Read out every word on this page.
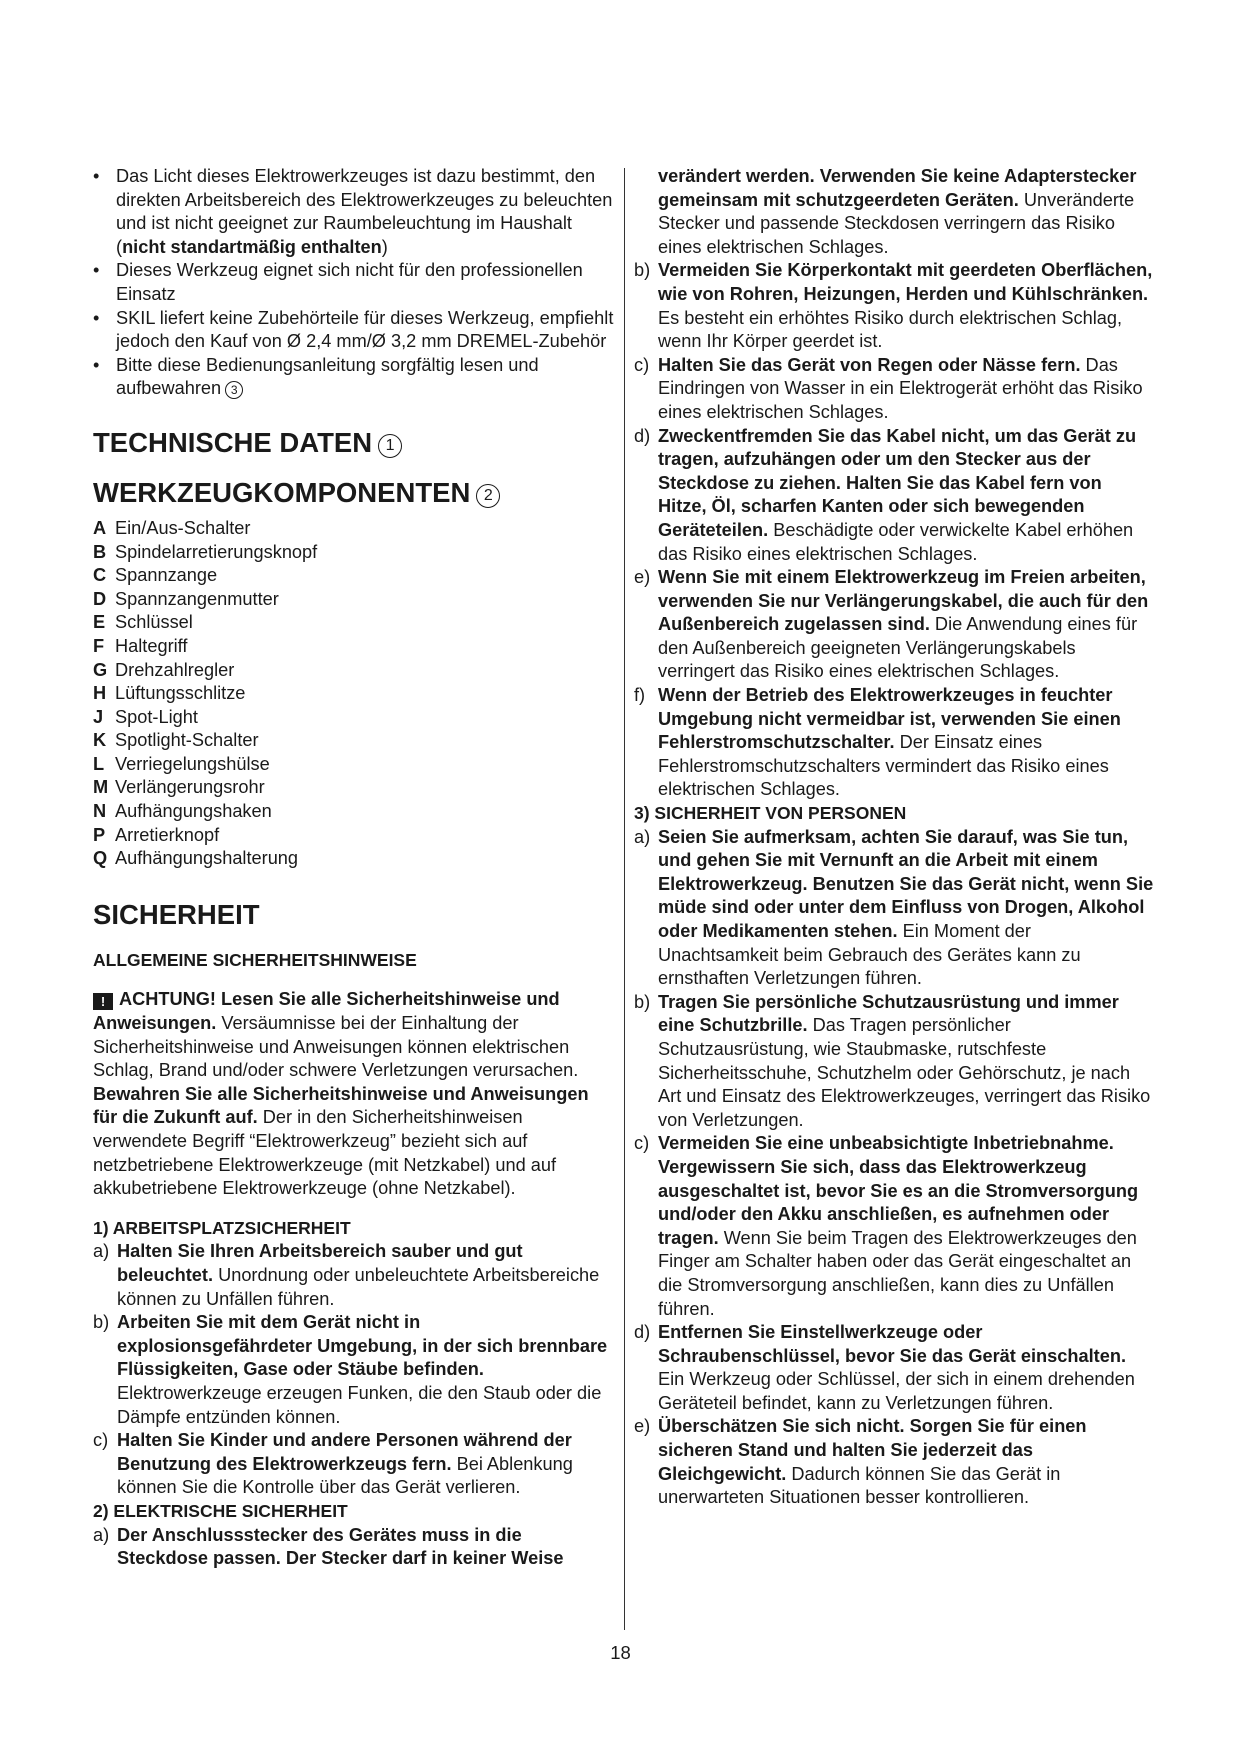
• Das Licht dieses Elektrowerkzeuges ist dazu bestimmt, den direkten Arbeitsbereich des Elektrowerkzeuges zu beleuchten und ist nicht geeignet zur Raumbeleuchtung im Haushalt (nicht standartmäßig enthalten)
• Dieses Werkzeug eignet sich nicht für den professionellen Einsatz
• SKIL liefert keine Zubehörteile für dieses Werkzeug, empfiehlt jedoch den Kauf von Ø 2,4 mm/Ø 3,2 mm DREMEL-Zubehör
• Bitte diese Bedienungsanleitung sorgfältig lesen und aufbewahren 3
TECHNISCHE DATEN 1
WERKZEUGKOMPONENTEN 2
A Ein/Aus-Schalter
B Spindelarretierungsknopf
C Spannzange
D Spannzangenmutter
E Schlüssel
F Haltegriff
G Drehzahlregler
H Lüftungsschlitze
J Spot-Light
K Spotlight-Schalter
L Verriegelungshülse
M Verlängerungsrohr
N Aufhängungshaken
P Arretierknopf
Q Aufhängungshalterung
SICHERHEIT
ALLGEMEINE SICHERHEITSHINWEISE

! ACHTUNG! Lesen Sie alle Sicherheitshinweise und Anweisungen. Versäumnisse bei der Einhaltung der Sicherheitshinweise und Anweisungen können elektrischen Schlag, Brand und/oder schwere Verletzungen verursachen. Bewahren Sie alle Sicherheitshinweise und Anweisungen für die Zukunft auf. Der in den Sicherheitshinweisen verwendete Begriff “Elektrowerkzeug” bezieht sich auf netzbetriebene Elektrowerkzeuge (mit Netzkabel) und auf akkubetriebene Elektrowerkzeuge (ohne Netzkabel).

1) ARBEITSPLATZSICHERHEIT
a) Halten Sie Ihren Arbeitsbereich sauber und gut beleuchtet. Unordnung oder unbeleuchtete Arbeitsbereiche können zu Unfällen führen.
b) Arbeiten Sie mit dem Gerät nicht in explosionsgefährdeter Umgebung, in der sich brennbare Flüssigkeiten, Gase oder Stäube befinden. Elektrowerkzeuge erzeugen Funken, die den Staub oder die Dämpfe entzünden können.
c) Halten Sie Kinder und andere Personen während der Benutzung des Elektrowerkzeugs fern. Bei Ablenkung können Sie die Kontrolle über das Gerät verlieren.
2) ELEKTRISCHE SICHERHEIT
a) Der Anschlussstecker des Gerätes muss in die Steckdose passen. Der Stecker darf in keiner Weise
verändert werden. Verwenden Sie keine Adapterstecker gemeinsam mit schutzgeerdeten Geräten. Unveränderte Stecker und passende Steckdosen verringern das Risiko eines elektrischen Schlages.
b) Vermeiden Sie Körperkontakt mit geerdeten Oberflächen, wie von Rohren, Heizungen, Herden und Kühlschränken. Es besteht ein erhöhtes Risiko durch elektrischen Schlag, wenn Ihr Körper geerdet ist.
c) Halten Sie das Gerät von Regen oder Nässe fern. Das Eindringen von Wasser in ein Elektrogerät erhöht das Risiko eines elektrischen Schlages.
d) Zweckentfremden Sie das Kabel nicht, um das Gerät zu tragen, aufzuhängen oder um den Stecker aus der Steckdose zu ziehen. Halten Sie das Kabel fern von Hitze, Öl, scharfen Kanten oder sich bewegenden Geräteteilen. Beschädigte oder verwickelte Kabel erhöhen das Risiko eines elektrischen Schlages.
e) Wenn Sie mit einem Elektrowerkzeug im Freien arbeiten, verwenden Sie nur Verlängerungskabel, die auch für den Außenbereich zugelassen sind. Die Anwendung eines für den Außenbereich geeigneten Verlängerungskabels verringert das Risiko eines elektrischen Schlages.
f) Wenn der Betrieb des Elektrowerkzeuges in feuchter Umgebung nicht vermeidbar ist, verwenden Sie einen Fehlerstromschutzschalter. Der Einsatz eines Fehlerstromschutzschalters vermindert das Risiko eines elektrischen Schlages.
3) SICHERHEIT VON PERSONEN
a) Seien Sie aufmerksam, achten Sie darauf, was Sie tun, und gehen Sie mit Vernunft an die Arbeit mit einem Elektrowerkzeug. Benutzen Sie das Gerät nicht, wenn Sie müde sind oder unter dem Einfluss von Drogen, Alkohol oder Medikamenten stehen. Ein Moment der Unachtsamkeit beim Gebrauch des Gerätes kann zu ernsthaften Verletzungen führen.
b) Tragen Sie persönliche Schutzausrüstung und immer eine Schutzbrille. Das Tragen persönlicher Schutzausrüstung, wie Staubmaske, rutschfeste Sicherheitsschuhe, Schutzhelm oder Gehörschutz, je nach Art und Einsatz des Elektrowerkzeuges, verringert das Risiko von Verletzungen.
c) Vermeiden Sie eine unbeabsichtigte Inbetriebnahme. Vergewissern Sie sich, dass das Elektrowerkzeug ausgeschaltet ist, bevor Sie es an die Stromversorgung und/oder den Akku anschließen, es aufnehmen oder tragen. Wenn Sie beim Tragen des Elektrowerkzeuges den Finger am Schalter haben oder das Gerät eingeschaltet an die Stromversorgung anschließen, kann dies zu Unfällen führen.
d) Entfernen Sie Einstellwerkzeuge oder Schraubenschlüssel, bevor Sie das Gerät einschalten. Ein Werkzeug oder Schlüssel, der sich in einem drehenden Geräteteil befindet, kann zu Verletzungen führen.
e) Überschätzen Sie sich nicht. Sorgen Sie für einen sicheren Stand und halten Sie jederzeit das Gleichgewicht. Dadurch können Sie das Gerät in unerwarteten Situationen besser kontrollieren.
18
